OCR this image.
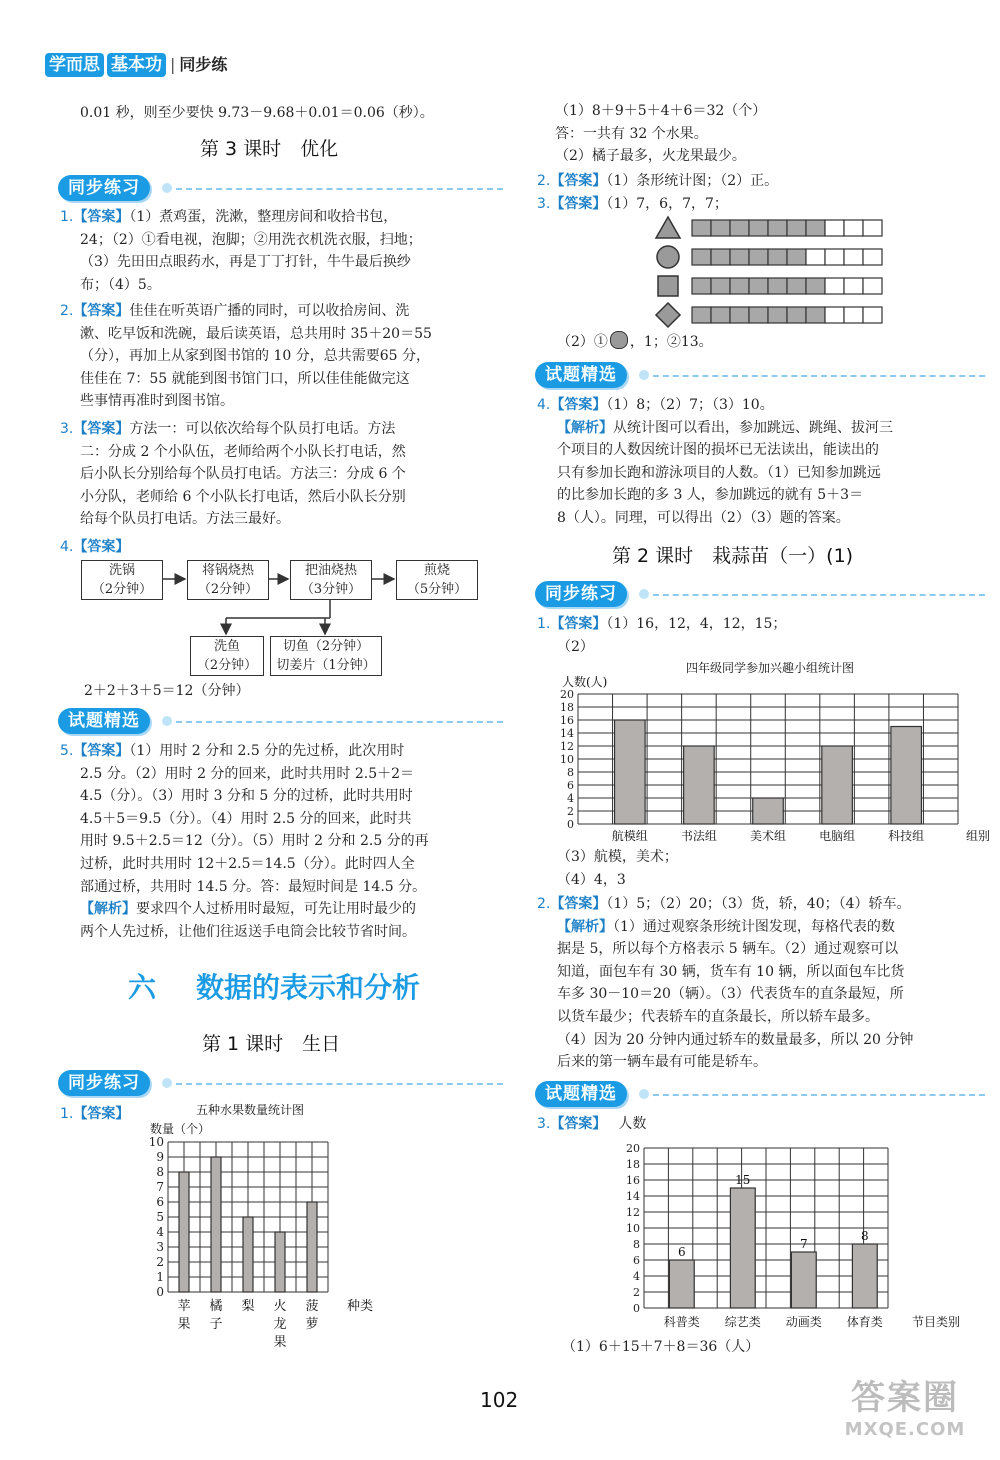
学而思 基本功 | 同步练
0.01 秒，则至少要快 9.73－9.68＋0.01＝0.06（秒）。
第 3 课时　优化
同步练习
1.【答案】（1）煮鸡蛋，洗漱，整理房间和收拾书包，
24；（2）①看电视，泡脚；②用洗衣机洗衣服，扫地；
（3）先田田点眼药水，再是丁丁打针，牛牛最后换纱
布；（4）5。
2.【答案】佳佳在听英语广播的同时，可以收拾房间、洗
漱、吃早饭和洗碗，最后读英语，总共用时 35＋20＝55
（分），再加上从家到图书馆的 10 分，总共需要65 分，
佳佳在 7：55 就能到图书馆门口，所以佳佳能做完这
些事情再准时到图书馆。
3.【答案】方法一：可以依次给每个队员打电话。方法
二：分成 2 个小队伍，老师给两个小队长打电话，然
后小队长分别给每个队员打电话。方法三：分成 6 个
小分队，老师给 6 个小队长打电话，然后小队长分别
给每个队员打电话。方法三最好。
4.【答案】
洗锅
（2分钟）
将锅烧热
（2分钟）
把油烧热
（3分钟）
煎烧
（5分钟）
洗鱼
（2分钟）
切鱼（2分钟）
切姜片（1分钟）
2＋2＋3＋5＝12（分钟）
试题精选
5.【答案】（1）用时 2 分和 2.5 分的先过桥，此次用时
2.5 分。（2）用时 2 分的回来，此时共用时 2.5＋2＝
4.5（分）。（3）用时 3 分和 5 分的过桥，此时共用时
4.5＋5＝9.5（分）。（4）用时 2.5 分的回来，此时共
用时 9.5＋2.5＝12（分）。（5）用时 2 分和 2.5 分的再
过桥，此时共用时 12＋2.5＝14.5（分）。此时四人全
部通过桥，共用时 14.5 分。答：最短时间是 14.5 分。
【解析】要求四个人过桥用时最短，可先让用时最少的
两个人先过桥，让他们往返送手电筒会比较节省时间。
六 数据的表示和分析
第 1 课时　生日
同步练习
1.【答案】	五种水果数量统计图
数量（个）
0
1
2
3
4
5
6
7
8
9
10
苹
果
橘
子
梨 火
龙
果
菠
萝
种类
（1）8＋9＋5＋4＋6＝32（个）
答：一共有 32 个水果。
（2）橘子最多，火龙果最少。
2.【答案】（1）条形统计图；（2）正。
3.【答案】（1）7，6，7，7；
（2）① ，1；②13。
试题精选
4.【答案】（1）8；（2）7；（3）10。
【解析】从统计图可以看出，参加跳远、跳绳、拔河三
个项目的人数因统计图的损坏已无法读出，能读出的
只有参加长跑和游泳项目的人数。（1）已知参加跳远
的比参加长跑的多 3 人，参加跳远的就有 5＋3＝
8（人）。同理，可以得出（2）（3）题的答案。
第 2 课时　栽蒜苗（一）(1)
同步练习
1.【答案】（1）16，12，4，12，15；
（2）
四年级同学参加兴趣小组统计图
人数(人)
0
2
4
6
8
10
12
14
16
18
20
航模组	书法组	美术组	电脑组	科技组	组别
（3）航模，美术；
（4）4，3
2.【答案】（1）5；（2）20；（3）货，轿，40；（4）轿车。
【解析】（1）通过观察条形统计图发现，每格代表的数
据是 5，所以每个方格表示 5 辆车。（2）通过观察可以
知道，面包车有 30 辆，货车有 10 辆，所以面包车比货
车多 30－10＝20（辆）。（3）代表货车的直条最短，所
以货车最少；代表轿车的直条最长，所以轿车最多。
（4）因为 20 分钟内通过轿车的数量最多，所以 20 分钟
后来的第一辆车最有可能是轿车。
试题精选
3.【答案】 人数
0
2
4
6
8
10
12
14
16
18
20
6
15
7
8
科普类 综艺类 动画类 体育类 节目类别
（1）6＋15＋7＋8＝36（人）
102	答案圈
MXQE.COM
